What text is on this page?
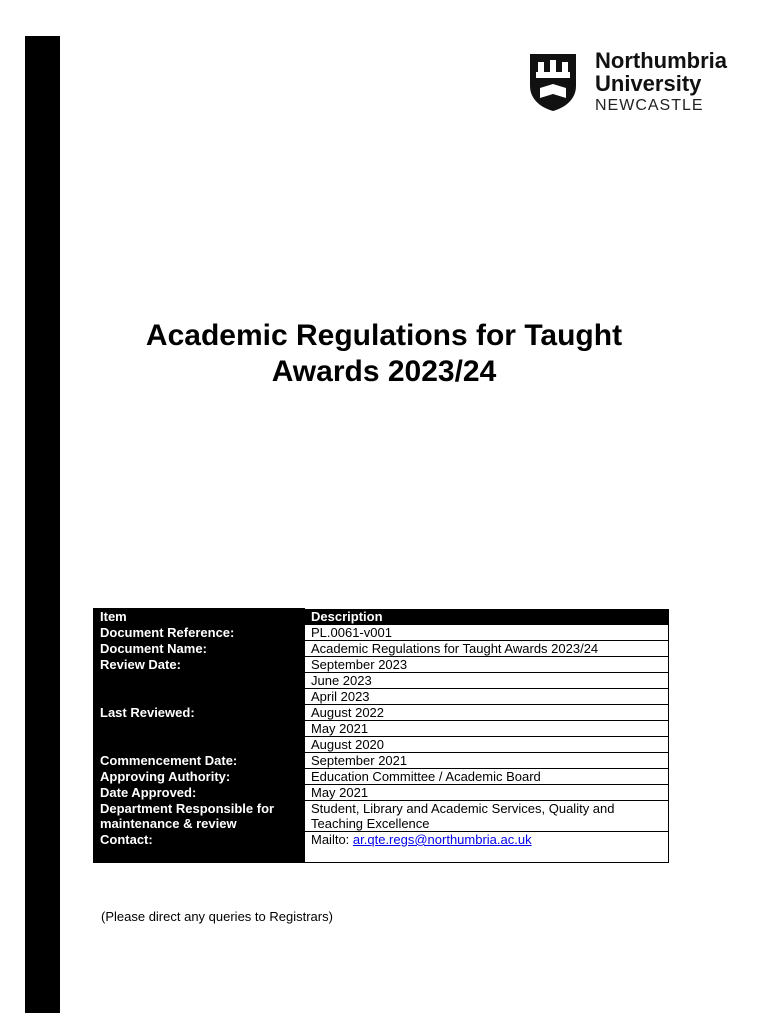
Northumbria
University
NEWCASTLE
Academic Regulations for Taught
Awards 2023/24
Item	Description
Document Reference:	PL.0061-v001
Document Name:	Academic Regulations for Taught Awards 2023/24
Review Date:	September 2023
Last Reviewed:	June 2023
	April 2023
	August 2022
	May 2021
	August 2020
Commencement Date:	September 2021
Approving Authority:	Education Committee / Academic Board
Date Approved:	May 2021
Department Responsible for maintenance & review	Student, Library and Academic Services, Quality and Teaching Excellence
Contact:	Mailto: ar.qte.regs@northumbria.ac.uk
(Please direct any queries to Registrars)
